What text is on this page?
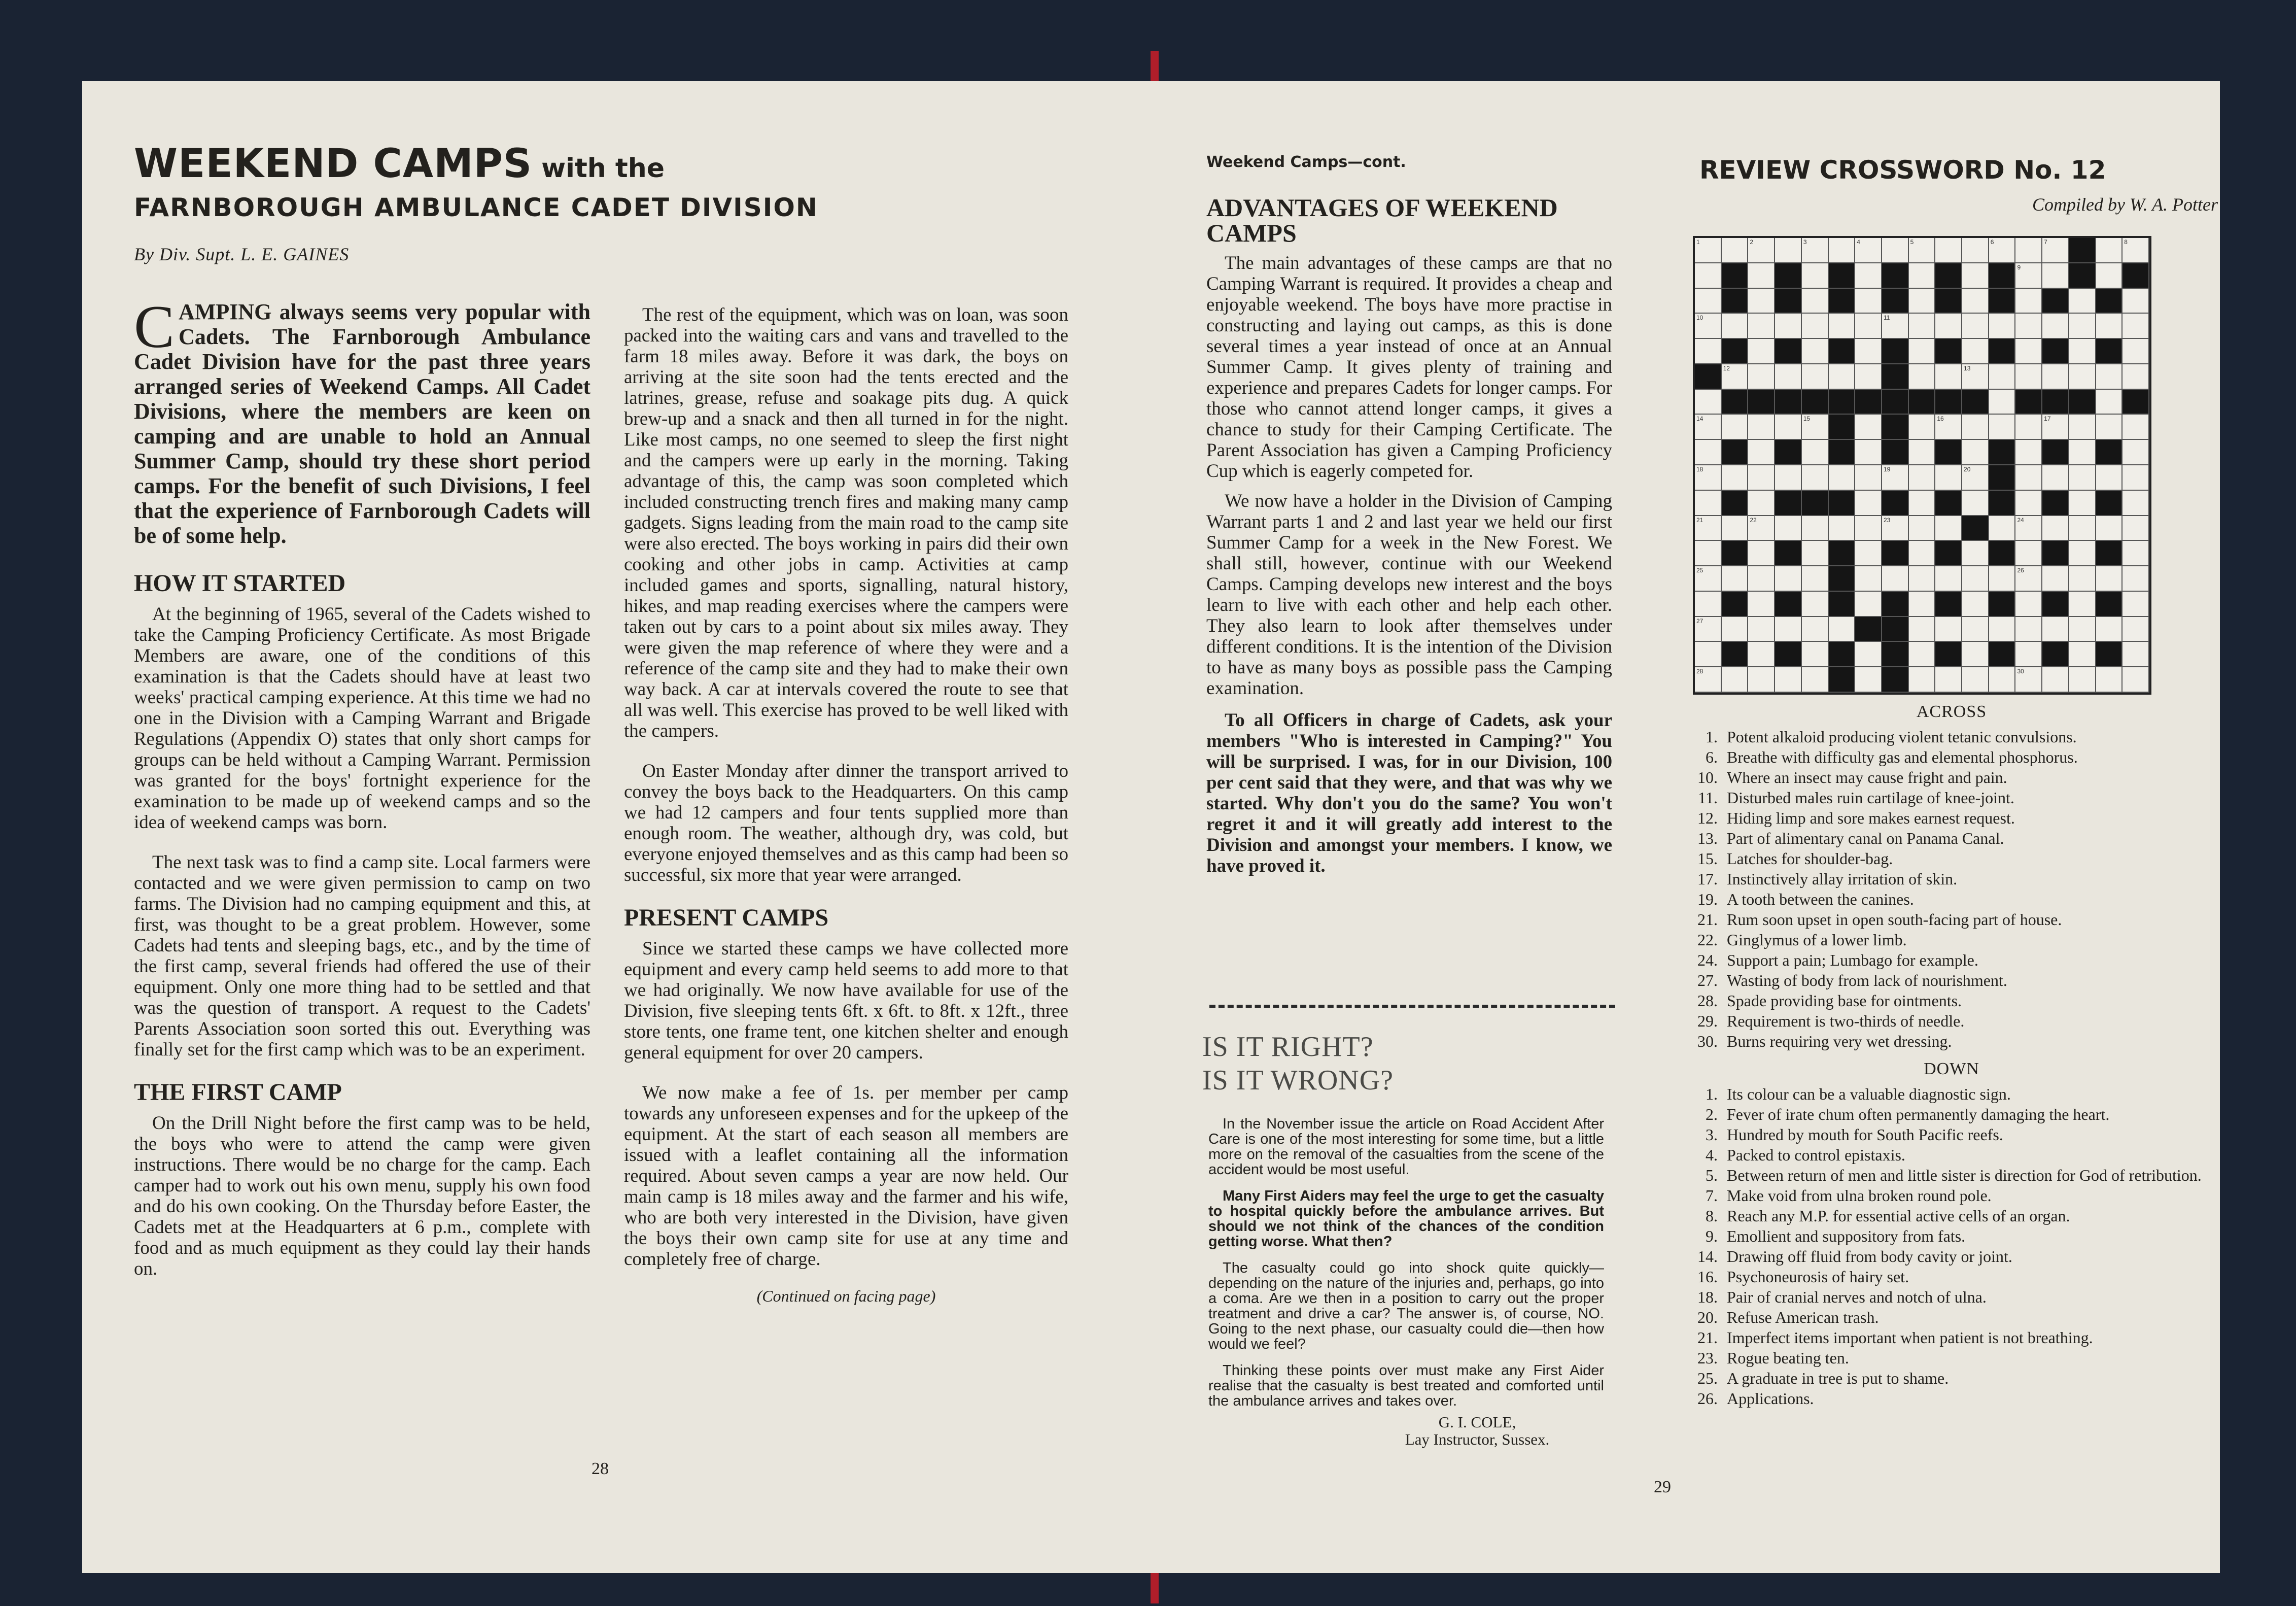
WEEKEND CAMPS with the
FARNBOROUGH AMBULANCE CADET DIVISION
By Div. Supt. L. E. GAINES
CAMPING always seems very popular with Cadets. The Farnborough Ambulance Cadet Division have for the past three years arranged series of Weekend Camps. All Cadet Divisions, where the members are keen on camping and are unable to hold an Annual Summer Camp, should try these short period camps. For the benefit of such Divisions, I feel that the experience of Farnborough Cadets will be of some help.
HOW IT STARTED

At the beginning of 1965, several of the Cadets wished to take the Camping Proficiency Certificate. As most Brigade Members are aware, one of the conditions of this examination is that the Cadets should have at least two weeks' practical camping experience. At this time we had no one in the Division with a Camping Warrant and Brigade Regulations (Appendix O) states that only short camps for groups can be held without a Camping Warrant. Permission was granted for the boys' fortnight experience for the examination to be made up of weekend camps and so the idea of weekend camps was born.

The next task was to find a camp site. Local farmers were contacted and we were given permission to camp on two farms. The Division had no camping equipment and this, at first, was thought to be a great problem. However, some Cadets had tents and sleeping bags, etc., and by the time of the first camp, several friends had offered the use of their equipment. Only one more thing had to be settled and that was the question of transport. A request to the Cadets' Parents Association soon sorted this out. Everything was finally set for the first camp which was to be an experiment.

THE FIRST CAMP

On the Drill Night before the first camp was to be held, the boys who were to attend the camp were given instructions. There would be no charge for the camp. Each camper had to work out his own menu, supply his own food and do his own cooking. On the Thursday before Easter, the Cadets met at the Headquarters at 6 p.m., complete with food and as much equipment as they could lay their hands on.

The rest of the equipment, which was on loan, was soon packed into the waiting cars and vans and travelled to the farm 18 miles away. Before it was dark, the boys on arriving at the site soon had the tents erected and the latrines, grease, refuse and soakage pits dug. A quick brew-up and a snack and then all turned in for the night. Like most camps, no one seemed to sleep the first night and the campers were up early in the morning. Taking advantage of this, the camp was soon completed which included constructing trench fires and making many camp gadgets. Signs leading from the main road to the camp site were also erected. The boys working in pairs did their own cooking and other jobs in camp. Activities at camp included games and sports, signalling, natural history, hikes, and map reading exercises where the campers were taken out by cars to a point about six miles away. They were given the map reference of where they were and a reference of the camp site and they had to make their own way back. A car at intervals covered the route to see that all was well. This exercise has proved to be well liked with the campers.

On Easter Monday after dinner the transport arrived to convey the boys back to the Headquarters. On this camp we had 12 campers and four tents supplied more than enough room. The weather, although dry, was cold, but everyone enjoyed themselves and as this camp had been so successful, six more that year were arranged.

PRESENT CAMPS

Since we started these camps we have collected more equipment and every camp held seems to add more to that we had originally. We now have available for use of the Division, five sleeping tents 6ft. x 6ft. to 8ft. x 12ft., three store tents, one frame tent, one kitchen shelter and enough general equipment for over 20 campers.

We now make a fee of 1s. per member per camp towards any unforeseen expenses and for the upkeep of the equipment. At the start of each season all members are issued with a leaflet containing all the information required. About seven camps a year are now held. Our main camp is 18 miles away and the farmer and his wife, who are both very interested in the Division, have given the boys their own camp site for use at any time and completely free of charge.

(Continued on facing page)
28
Weekend Camps—cont.
ADVANTAGES OF WEEKEND CAMPS

The main advantages of these camps are that no Camping Warrant is required. It provides a cheap and enjoyable weekend. The boys have more practise in constructing and laying out camps, as this is done several times a year instead of once at an Annual Summer Camp. It gives plenty of training and experience and prepares Cadets for longer camps. For those who cannot attend longer camps, it gives a chance to study for their Camping Certificate. The Parent Association has given a Camping Proficiency Cup which is eagerly competed for.

We now have a holder in the Division of Camping Warrant parts 1 and 2 and last year we held our first Summer Camp for a week in the New Forest. We shall still, however, continue with our Weekend Camps. Camping develops new interest and the boys learn to live with each other and help each other. They also learn to look after themselves under different conditions. It is the intention of the Division to have as many boys as possible pass the Camping examination.

To all Officers in charge of Cadets, ask your members "Who is interested in Camping?" You will be surprised. I was, for in our Division, 100 per cent said that they were, and that was why we started. Why don't you do the same? You won't regret it and it will greatly add interest to the Division and amongst your members. I know, we have proved it.

IS IT RIGHT?
IS IT WRONG?

In the November issue the article on Road Accident After Care is one of the most interesting for some time, but a little more on the removal of the casualties from the scene of the accident would be most useful.

Many First Aiders may feel the urge to get the casualty to hospital quickly before the ambulance arrives. But should we not think of the chances of the condition getting worse. What then?

The casualty could go into shock quite quickly—depending on the nature of the injuries and, perhaps, go into a coma. Are we then in a position to carry out the proper treatment and drive a car? The answer is, of course, NO. Going to the next phase, our casualty could die—then how would we feel?

Thinking these points over must make any First Aider realise that the casualty is best treated and comforted until the ambulance arrives and takes over.

G. I. COLE,
Lay Instructor, Sussex.
29
REVIEW CROSSWORD No. 12
Compiled by W. A. Potter
ACROSS
1. Potent alkaloid producing violent tetanic convulsions.
6. Breathe with difficulty gas and elemental phosphorus.
10. Where an insect may cause fright and pain.
11. Disturbed males ruin cartilage of knee-joint.
12. Hiding limp and sore makes earnest request.
13. Part of alimentary canal on Panama Canal.
15. Latches for shoulder-bag.
17. Instinctively allay irritation of skin.
19. A tooth between the canines.
21. Rum soon upset in open south-facing part of house.
22. Ginglymus of a lower limb.
24. Support a pain; Lumbago for example.
27. Wasting of body from lack of nourishment.
28. Spade providing base for ointments.
29. Requirement is two-thirds of needle.
30. Burns requiring very wet dressing.
DOWN
1. Its colour can be a valuable diagnostic sign.
2. Fever of irate chum often permanently damaging the heart.
3. Hundred by mouth for South Pacific reefs.
4. Packed to control epistaxis.
5. Between return of men and little sister is direction for God of retribution.
7. Make void from ulna broken round pole.
8. Reach any M.P. for essential active cells of an organ.
9. Emollient and suppository from fats.
14. Drawing off fluid from body cavity or joint.
16. Psychoneurosis of hairy set.
18. Pair of cranial nerves and notch of ulna.
20. Refuse American trash.
21. Imperfect items important when patient is not breathing.
23. Rogue beating ten.
25. A graduate in tree is put to shame.
26. Applications.
1	2	3	4	5	6	7	8
9
10	11
12	13
14	15	16	17
18	19	20
21	22	23	24
25	26
27
28	30
